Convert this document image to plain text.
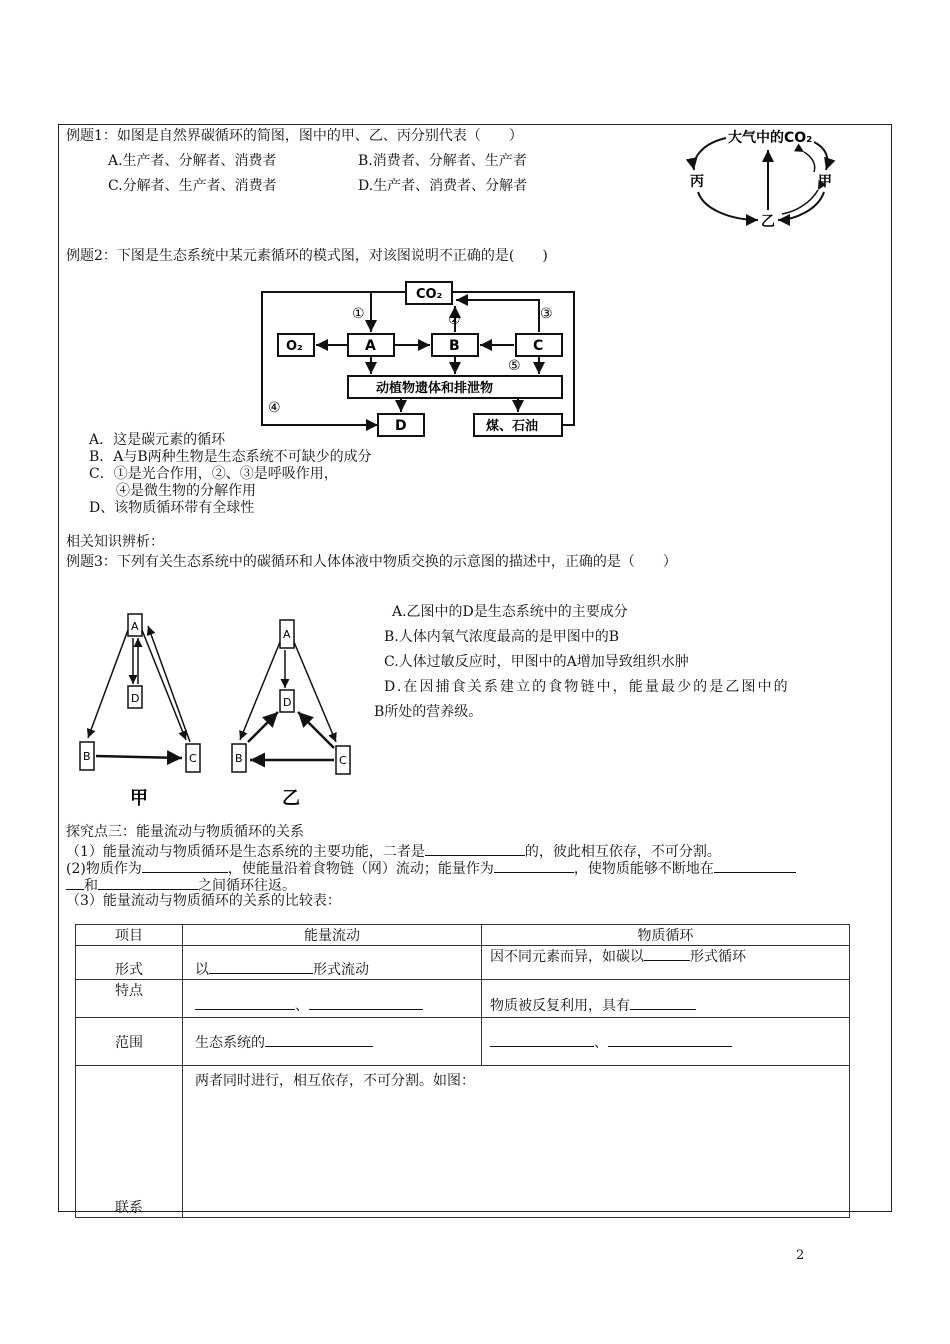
例题1：如图是自然界碳循环的简图，图中的甲、乙、丙分别代表（　　）
A.生产者、分解者、消费者	B.消费者、分解者、生产者
C.分解者、生产者、消费者	D.生产者、消费者、分解者
大气中的CO₂
丙	甲
乙
例题2：下图是生态系统中某元素循环的模式图，对该图说明不正确的是(　　)
CO₂
O₂	A	B	C
D
①	②	③
④
⑤
动植物遗体和排泄物
煤、石油
A．这是碳元素的循环
B．A与B两种生物是生态系统不可缺少的成分
C．①是光合作用，②、③是呼吸作用，
④是微生物的分解作用
D、该物质循环带有全球性
相关知识辨析：
例题3：下列有关生态系统中的碳循环和人体体液中物质交换的示意图的描述中，正确的是（　　）
A
D
B	C
甲
A
D
B	C
乙
A.乙图中的D是生态系统中的主要成分
B.人体内氧气浓度最高的是甲图中的B
C.人体过敏反应时，甲图中的A增加导致组织水肿
D.在因捕食关系建立的食物链中，能量最少的是乙图中的
B所处的营养级。
探究点三：能量流动与物质循环的关系
（1）能量流动与物质循环是生态系统的主要功能，二者是	的，彼此相互依存，不可分割。
(2)物质作为	，使能量沿着食物链（网）流动；能量作为	，使物质能够不断地在
和	之间循环往返。
（3）能量流动与物质循环的关系的比较表：
项目	能量流动	物质循环
形式	以 形式流动	因不同元素而异，如碳以 形式循环
特点	、	物质被反复利用，具有
范围	生态系统的	、
联系	两者同时进行，相互依存，不可分割。如图：	
2
